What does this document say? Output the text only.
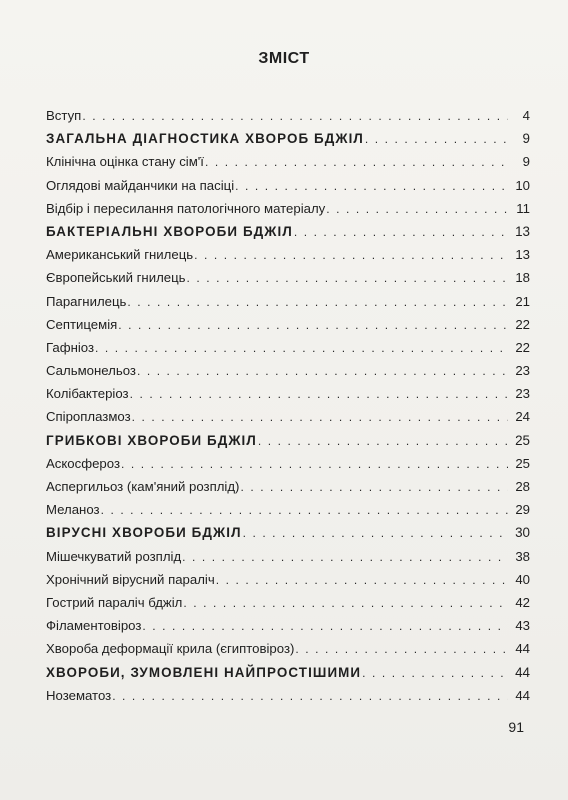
ЗМІСТ
Вступ . . .	4
ЗАГАЛЬНА ДІАГНОСТИКА ХВОРОБ БДЖІЛ . . .	9
Клінічна оцінка стану сім'ї . . .	9
Оглядові майданчики на пасіці . . .	10
Відбір і пересилання патологічного матеріалу . . .	11
БАКТЕРІАЛЬНІ ХВОРОБИ БДЖІЛ . . .	13
Американський гнилець . . .	13
Європейський гнилець . . .	18
Парагнилець . . .	21
Септицемія . . .	22
Гафніоз . . .	22
Сальмонельоз . . .	23
Колібактеріоз . . .	23
Спіроплазмоз . . .	24
ГРИБКОВІ ХВОРОБИ БДЖІЛ . . .	25
Аскосфероз . . .	25
Аспергильоз (кам'яний розплід) . . .	28
Меланоз . . .	29
ВІРУСНІ ХВОРОБИ БДЖІЛ . . .	30
Мішечкуватий розплід . . .	38
Хронічний вірусний параліч . . .	40
Гострий параліч бджіл . . .	42
Філаментовіроз . . .	43
Хвороба деформації крила (єгиптовіроз) . . .	44
ХВОРОБИ, ЗУМОВЛЕНІ НАЙПРОСТІШИМИ . . .	44
Нозематоз . . .	44
91
